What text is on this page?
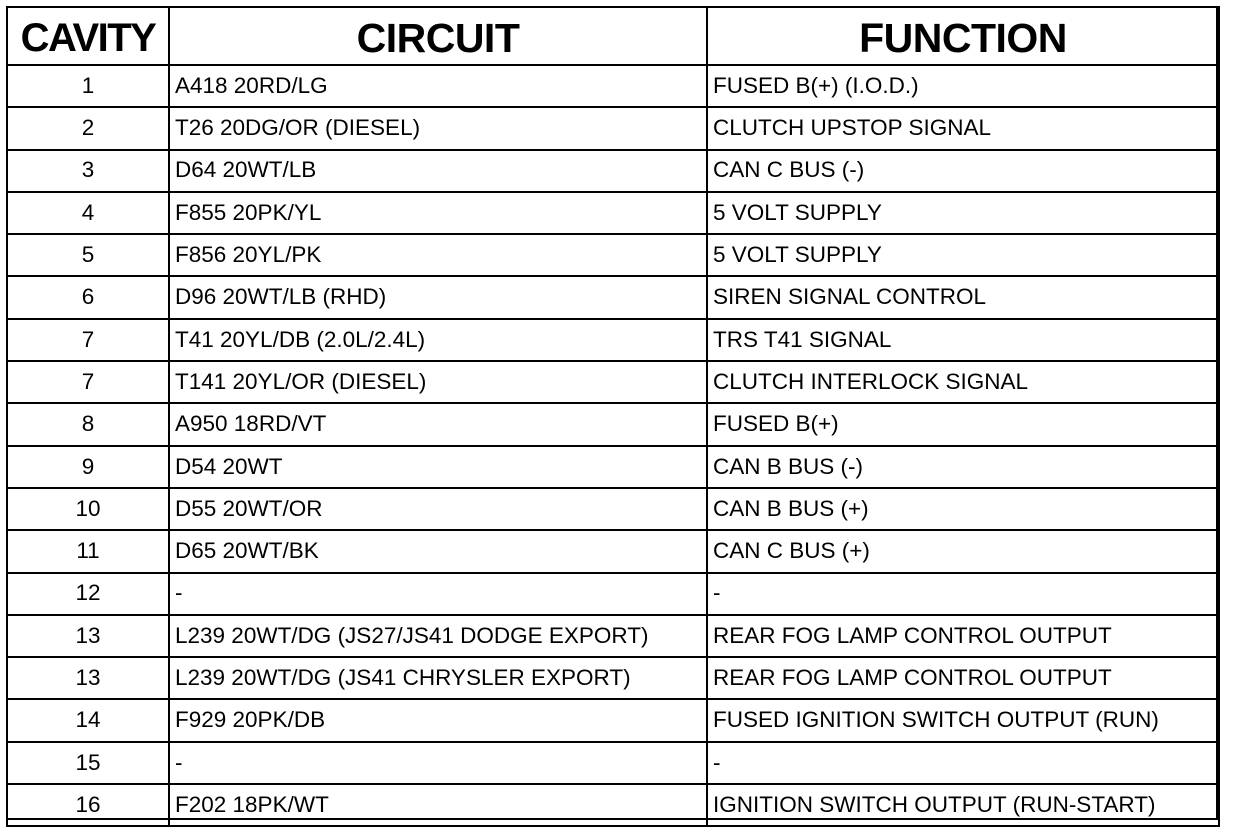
CAVITY	CIRCUIT	FUNCTION
1	A418 20RD/LG	FUSED B(+) (I.O.D.)
2	T26 20DG/OR (DIESEL)	CLUTCH UPSTOP SIGNAL
3	D64 20WT/LB	CAN C BUS (-)
4	F855 20PK/YL	5 VOLT SUPPLY
5	F856 20YL/PK	5 VOLT SUPPLY
6	D96 20WT/LB (RHD)	SIREN SIGNAL CONTROL
7	T41 20YL/DB (2.0L/2.4L)	TRS T41 SIGNAL
7	T141 20YL/OR (DIESEL)	CLUTCH INTERLOCK SIGNAL
8	A950 18RD/VT	FUSED B(+)
9	D54 20WT	CAN B BUS (-)
10	D55 20WT/OR	CAN B BUS (+)
11	D65 20WT/BK	CAN C BUS (+)
12	-	-
13	L239 20WT/DG (JS27/JS41 DODGE EXPORT)	REAR FOG LAMP CONTROL OUTPUT
13	L239 20WT/DG (JS41 CHRYSLER EXPORT)	REAR FOG LAMP CONTROL OUTPUT
14	F929 20PK/DB	FUSED IGNITION SWITCH OUTPUT (RUN)
15	-	-
16	F202 18PK/WT	IGNITION SWITCH OUTPUT (RUN-START)
